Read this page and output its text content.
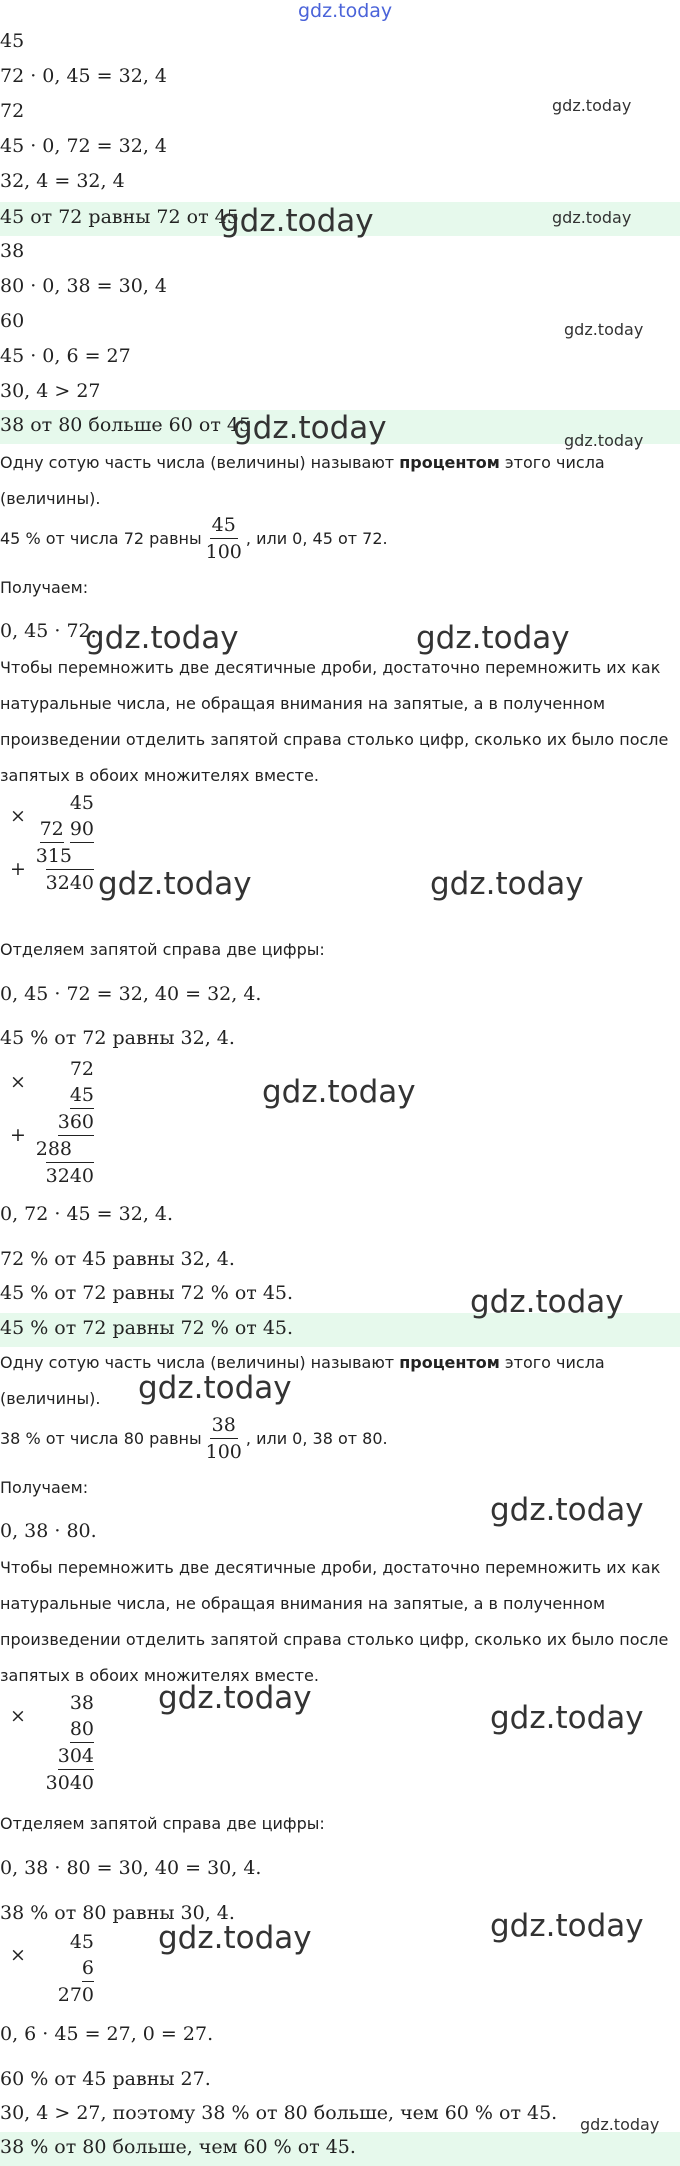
gdz.today
45
72 · 0, 45 = 32, 4
72
45 · 0, 72 = 32, 4
32, 4 = 32, 4
45 от 72 равны 72 от 45
38
80 · 0, 38 = 30, 4
60
45 · 0, 6 = 27
30, 4 > 27
38 от 80 больше 60 от 45
Одну сотую часть числа (величины) называют процентом этого числа
(величины).
45 % от числа 72 равны $\frac{45}{100}$ , или 0, 45 от 72.
Получаем:
0, 45 · 72.
Чтобы перемножить две десятичные дроби, достаточно перемножить их как
натуральные числа, не обращая внимания на запятые, а в полученном
произведении отделить запятой справа столько цифр, сколько их было после
запятых в обоих множителях вместе.
×
+
45
72 90
315
3240
Отделяем запятой справа две цифры:
0, 45 · 72 = 32, 40 = 32, 4.
45 % от 72 равны 32, 4.
×
+
72
45 360
288
3240
0, 72 · 45 = 32, 4.
72 % от 45 равны 32, 4.
45 % от 72 равны 72 % от 45.
45 % от 72 равны 72 % от 45.
Одну сотую часть числа (величины) называют процентом этого числа
(величины).
38 % от числа 80 равны $\frac{38}{100}$ , или 0, 38 от 80.
Получаем:
0, 38 · 80.
Чтобы перемножить две десятичные дроби, достаточно перемножить их как
натуральные числа, не обращая внимания на запятые, а в полученном
произведении отделить запятой справа столько цифр, сколько их было после
запятых в обоих множителях вместе.
×
38
80 304
3040
Отделяем запятой справа две цифры:
0, 38 · 80 = 30, 40 = 30, 4.
38 % от 80 равны 30, 4.
×
45
6
270
0, 6 · 45 = 27, 0 = 27.
60 % от 45 равны 27.
30, 4 > 27, поэтому 38 % от 80 больше, чем 60 % от 45.
38 % от 80 больше, чем 60 % от 45.
gdz.today
gdz.today
gdz.today
gdz.today
gdz.today
gdz.today
gdz.today
gdz.today	gdz.today
gdz.today	gdz.today
gdz.today
gdz.today
gdz.today
gdz.today
gdz.today
gdz.today
gdz.today
gdz.today
